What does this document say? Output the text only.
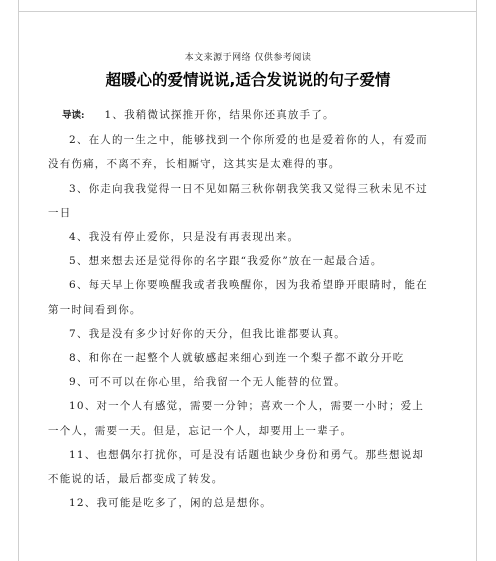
本文来源于网络 仅供参考阅读
超暖心的爱情说说,适合发说说的句子爱情

导读: 1、我稍微试探推开你，结果你还真放手了。

2、在人的一生之中，能够找到一个你所爱的也是爱着你的人，有爱而没有伤痛，不离不弃，长相厮守，这其实是太难得的事。

3、你走向我我觉得一日不见如隔三秋你朝我笑我又觉得三秋未见不过一日

4、我没有停止爱你，只是没有再表现出来。

5、想来想去还是觉得你的名字跟“我爱你”放在一起最合适。

6、每天早上你要唤醒我或者我唤醒你，因为我希望睁开眼睛时，能在第一时间看到你。

7、我是没有多少讨好你的天分，但我比谁都要认真。

8、和你在一起整个人就敏感起来细心到连一个梨子都不敢分开吃

9、可不可以在你心里，给我留一个无人能替的位置。

10、对一个人有感觉，需要一分钟；喜欢一个人，需要一小时；爱上一个人，需要一天。但是，忘记一个人，却要用上一辈子。

11、也想偶尔打扰你，可是没有话题也缺少身份和勇气。那些想说却不能说的话，最后都变成了转发。

12、我可能是吃多了，闲的总是想你。
